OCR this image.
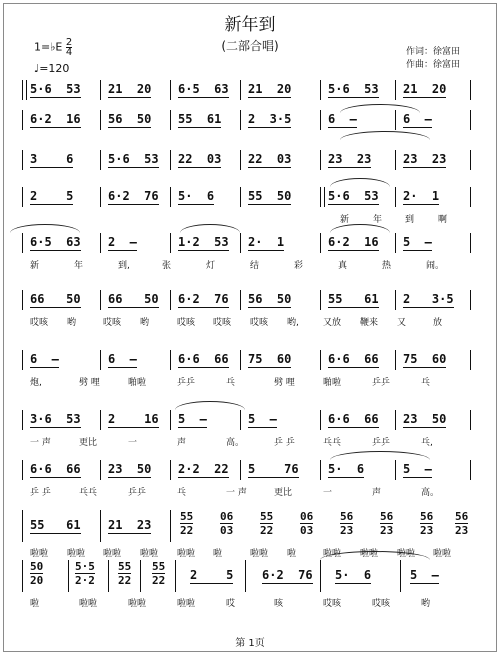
新年到
(二部合唱)
1=♭E $\frac{2}{4}$
♩=120
作词：徐富田
作曲：徐富田
5·6  53 21  20 6·5  63 21  20	5·6  53 21  20
6·2  16 56  50 55  61 2  3·5	6  –	6  –
3    6	5·6  53 22  03 22  03	23  23	23  23
2    5	6·2  76 5·  6	55  50	5·6  53 2·  1
新	年	到	啊
6·5  63 2  –	1·2  53 2·  1	6·2  16 5  –
新	年	到,	张	灯	结	彩	真	热	闹。
66   50 66   50 6·2  76 56  50	55   61 2   3·5
哎咳 哟	哎咳 哟	哎咳 哎咳 哎咳 哟,	又放 鞭来 又	放
6  –	6  –	6·6  66 75  60	6·6  66 75  60
炮,	劈 哩	啪啦	乒乒	乓	劈 哩	啪啦	乒乒	乓
3·6  53 2    16 5  –	5  –	6·6  66 23  50
一 声	更比	一	声	高。	乒 乒	乓乓	乒乒	乓,
6·6  66 23  50 2·2  22 5    76 5·  6	5  –
乒 乒	乓乓	乒乒	乓	一 声	更比	一	声	高。
55   61 21  23
55
22
06
03
55
22
06
03
56
23
56
23
56
23
56
23
啦啦 啦啦 啦啦 啦啦 啦啦 啦	啦啦 啦	啦啦 啦啦 啦啦 啦啦
50
20
5·5
2·2
55
22
55
22 2    5 6·2  76 5·  6	5  –
啦	啦啦	啦啦	啦啦	哎	咳	哎咳	哎咳	哟
第 1页
